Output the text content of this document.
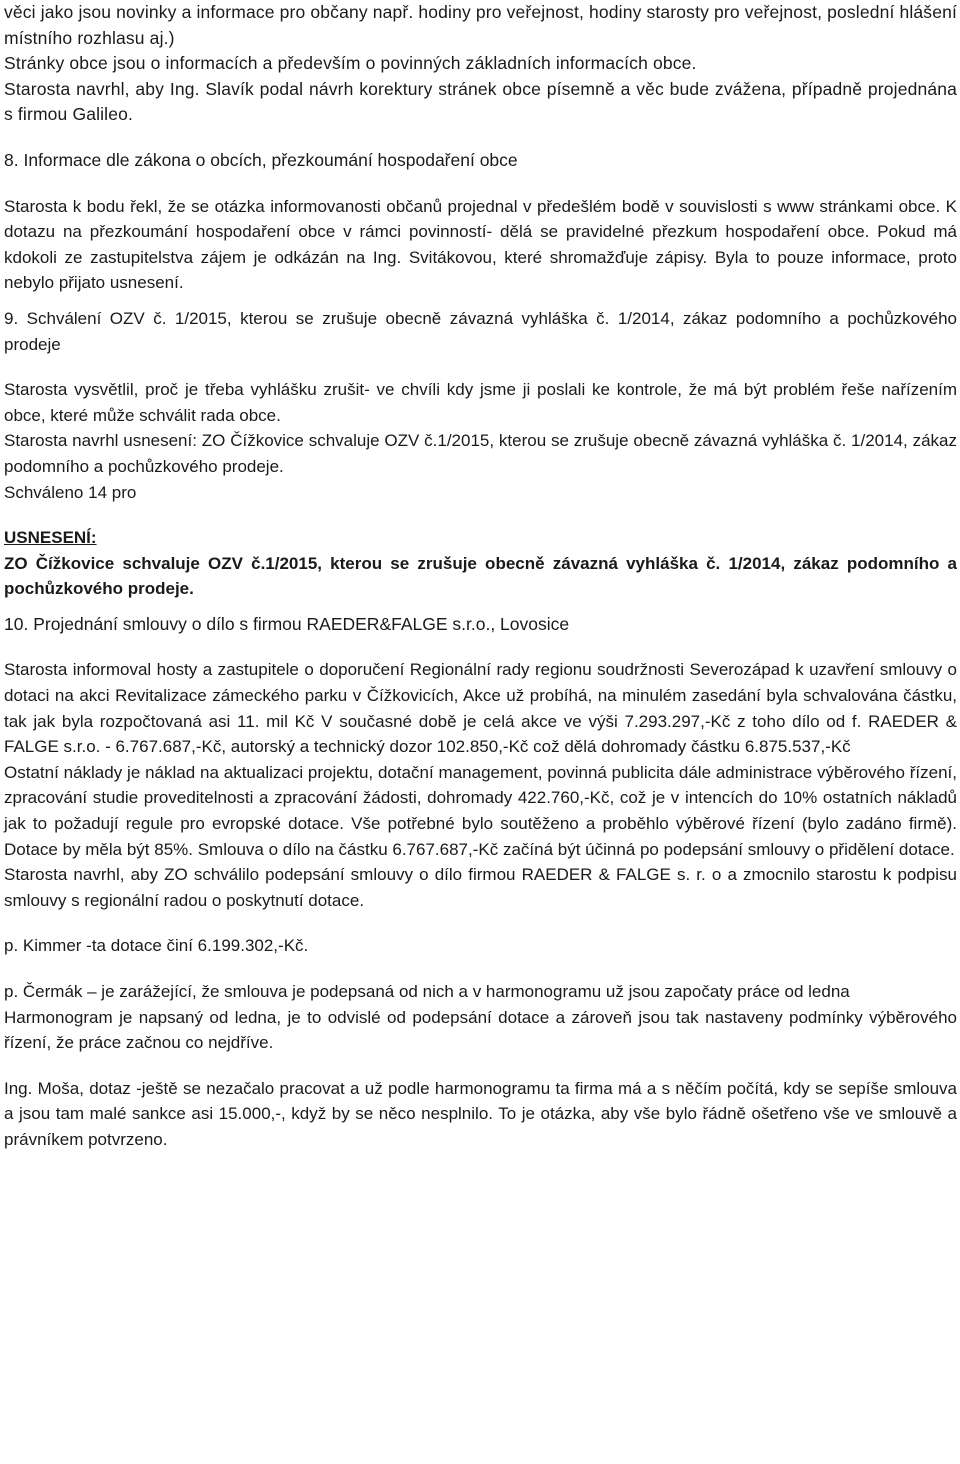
věci jako jsou novinky a informace pro občany např. hodiny pro veřejnost, hodiny starosty pro veřejnost, poslední hlášení místního rozhlasu aj.)

Stránky obce jsou o informacích a především o povinných základních informacích obce.

Starosta navrhl, aby Ing. Slavík podal návrh korektury stránek obce písemně a věc bude zvážena, případně projednána s firmou Galileo.

8. Informace dle zákona o obcích, přezkoumání hospodaření obce

Starosta k bodu řekl, že se otázka informovanosti občanů projednal v předešlém bodě v souvislosti s www stránkami obce. K dotazu na přezkoumání hospodaření obce v rámci povinností- dělá se pravidelné přezkum hospodaření obce. Pokud má kdokoli ze zastupitelstva zájem je odkázán na Ing. Svitákovou, které shromažďuje zápisy. Byla to pouze informace, proto nebylo přijato usnesení.

9. Schválení OZV č. 1/2015, kterou se zrušuje obecně závazná vyhláška č. 1/2014, zákaz podomního a pochůzkového prodeje

Starosta vysvětlil, proč je třeba vyhlášku zrušit- ve chvíli kdy jsme ji poslali ke kontrole, že má být problém řeše nařízením obce, které může schválit rada obce.

Starosta navrhl usnesení: ZO Čížkovice schvaluje OZV č.1/2015, kterou se zrušuje obecně závazná vyhláška č. 1/2014, zákaz podomního a pochůzkového prodeje.

Schváleno 14 pro

USNESENÍ:

ZO Čížkovice schvaluje OZV č.1/2015, kterou se zrušuje obecně závazná vyhláška č. 1/2014, zákaz podomního a pochůzkového prodeje.

10. Projednání smlouvy o dílo s firmou RAEDER&FALGE s.r.o., Lovosice

Starosta informoval hosty a zastupitele o doporučení Regionální rady regionu soudržnosti Severozápad k uzavření smlouvy o dotaci na akci Revitalizace zámeckého parku v Čížkovicích, Akce už probíhá, na minulém zasedání byla schvalována částku, tak jak byla rozpočtovaná asi 11. mil Kč V současné době je celá akce ve výši 7.293.297,-Kč z toho dílo od f. RAEDER & FALGE s.r.o. - 6.767.687,-Kč, autorský a technický dozor 102.850,-Kč což dělá dohromady částku 6.875.537,-Kč

Ostatní náklady je náklad na aktualizaci projektu, dotační management, povinná publicita dále administrace výběrového řízení, zpracování studie proveditelnosti a zpracování žádosti, dohromady 422.760,-Kč, což je v intencích do 10% ostatních nákladů jak to požadují regule pro evropské dotace. Vše potřebné bylo soutěženo a proběhlo výběrové řízení (bylo zadáno firmě). Dotace by měla být 85%. Smlouva o dílo na částku 6.767.687,-Kč začíná být účinná po podepsání smlouvy o přidělení dotace.

Starosta navrhl, aby ZO schválilo podepsání smlouvy o dílo firmou RAEDER & FALGE s. r. o a zmocnilo starostu k podpisu smlouvy s regionální radou o poskytnutí dotace.

p. Kimmer -ta dotace činí 6.199.302,-Kč.

p. Čermák – je zarážející, že smlouva je podepsaná od nich a v harmonogramu už jsou započaty práce od ledna

Harmonogram je napsaný od ledna, je to odvislé od podepsání dotace a zároveň jsou tak nastaveny podmínky výběrového řízení, že práce začnou co nejdříve.

Ing. Moša, dotaz -ještě se nezačalo pracovat a už podle harmonogramu ta firma má a s něčím počítá, kdy se sepíše smlouva a jsou tam malé sankce asi 15.000,-, když by se něco nesplnilo. To je otázka, aby vše bylo řádně ošetřeno vše ve smlouvě a právníkem potvrzeno.
